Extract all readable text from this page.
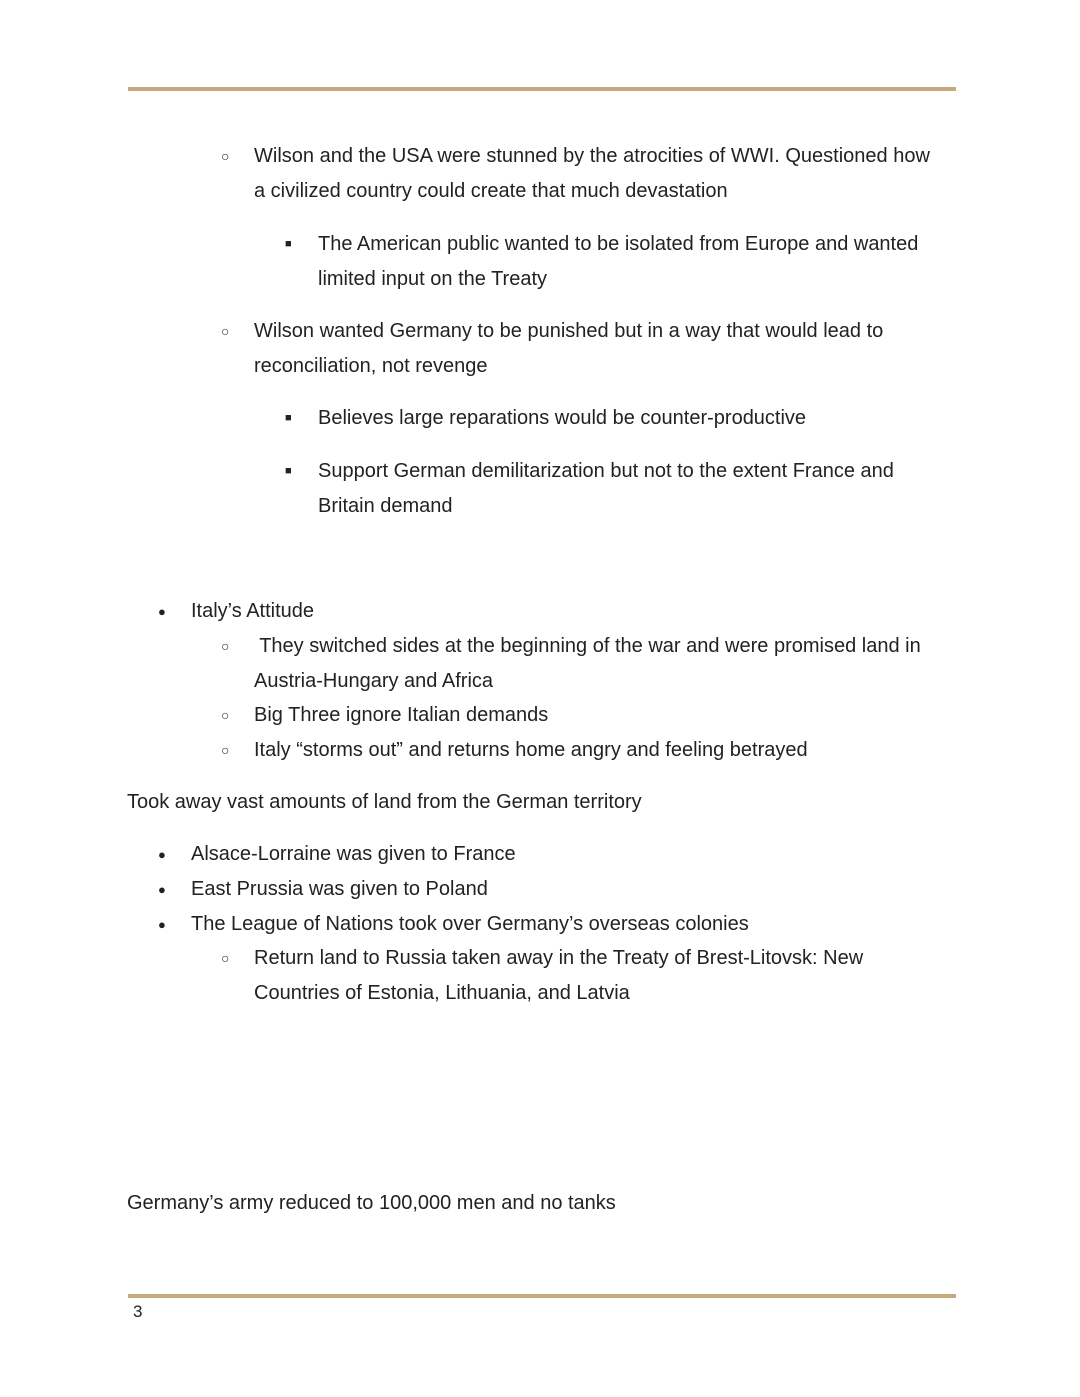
○ Wilson and the USA were stunned by the atrocities of WWI. Questioned how
a civilized country could create that much devastation
■ The American public wanted to be isolated from Europe and wanted
limited input on the Treaty
○ Wilson wanted Germany to be punished but in a way that would lead to
reconciliation, not revenge
■ Believes large reparations would be counter-productive
■ Support German demilitarization but not to the extent France and
Britain demand
● Italy’s Attitude
○ They switched sides at the beginning of the war and were promised land in
Austria-Hungary and Africa
○ Big Three ignore Italian demands
○ Italy “storms out” and returns home angry and feeling betrayed
Took away vast amounts of land from the German territory
● Alsace-Lorraine was given to France
● East Prussia was given to Poland
● The League of Nations took over Germany’s overseas colonies
○ Return land to Russia taken away in the Treaty of Brest-Litovsk: New
Countries of Estonia, Lithuania, and Latvia
Germany’s army reduced to 100,000 men and no tanks
3
